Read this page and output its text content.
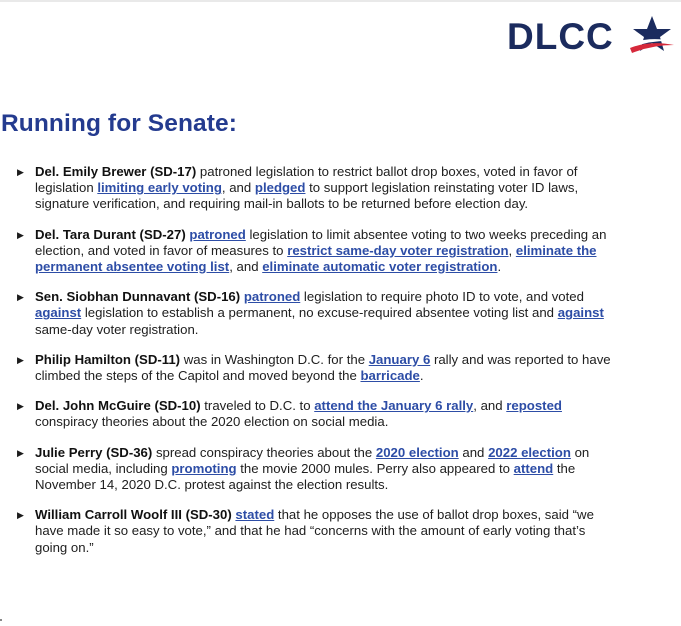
DLCC
Running for Senate:
▶ Del. Emily Brewer (SD-17) patroned legislation to restrict ballot drop boxes, voted in favor of legislation limiting early voting, and pledged to support legislation reinstating voter ID laws, signature verification, and requiring mail-in ballots to be returned before election day.
▶ Del. Tara Durant (SD-27) patroned legislation to limit absentee voting to two weeks preceding an election, and voted in favor of measures to restrict same-day voter registration, eliminate the permanent absentee voting list, and eliminate automatic voter registration.
▶ Sen. Siobhan Dunnavant (SD-16) patroned legislation to require photo ID to vote, and voted against legislation to establish a permanent, no excuse-required absentee voting list and against same-day voter registration.
▶ Philip Hamilton (SD-11) was in Washington D.C. for the January 6 rally and was reported to have climbed the steps of the Capitol and moved beyond the barricade.
▶ Del. John McGuire (SD-10) traveled to D.C. to attend the January 6 rally, and reposted conspiracy theories about the 2020 election on social media.
▶ Julie Perry (SD-36) spread conspiracy theories about the 2020 election and 2022 election on social media, including promoting the movie 2000 mules. Perry also appeared to attend the November 14, 2020 D.C. protest against the election results.
▶ William Carroll Woolf III (SD-30) stated that he opposes the use of ballot drop boxes, said “we have made it so easy to vote,” and that he had “concerns with the amount of early voting that’s going on.”
